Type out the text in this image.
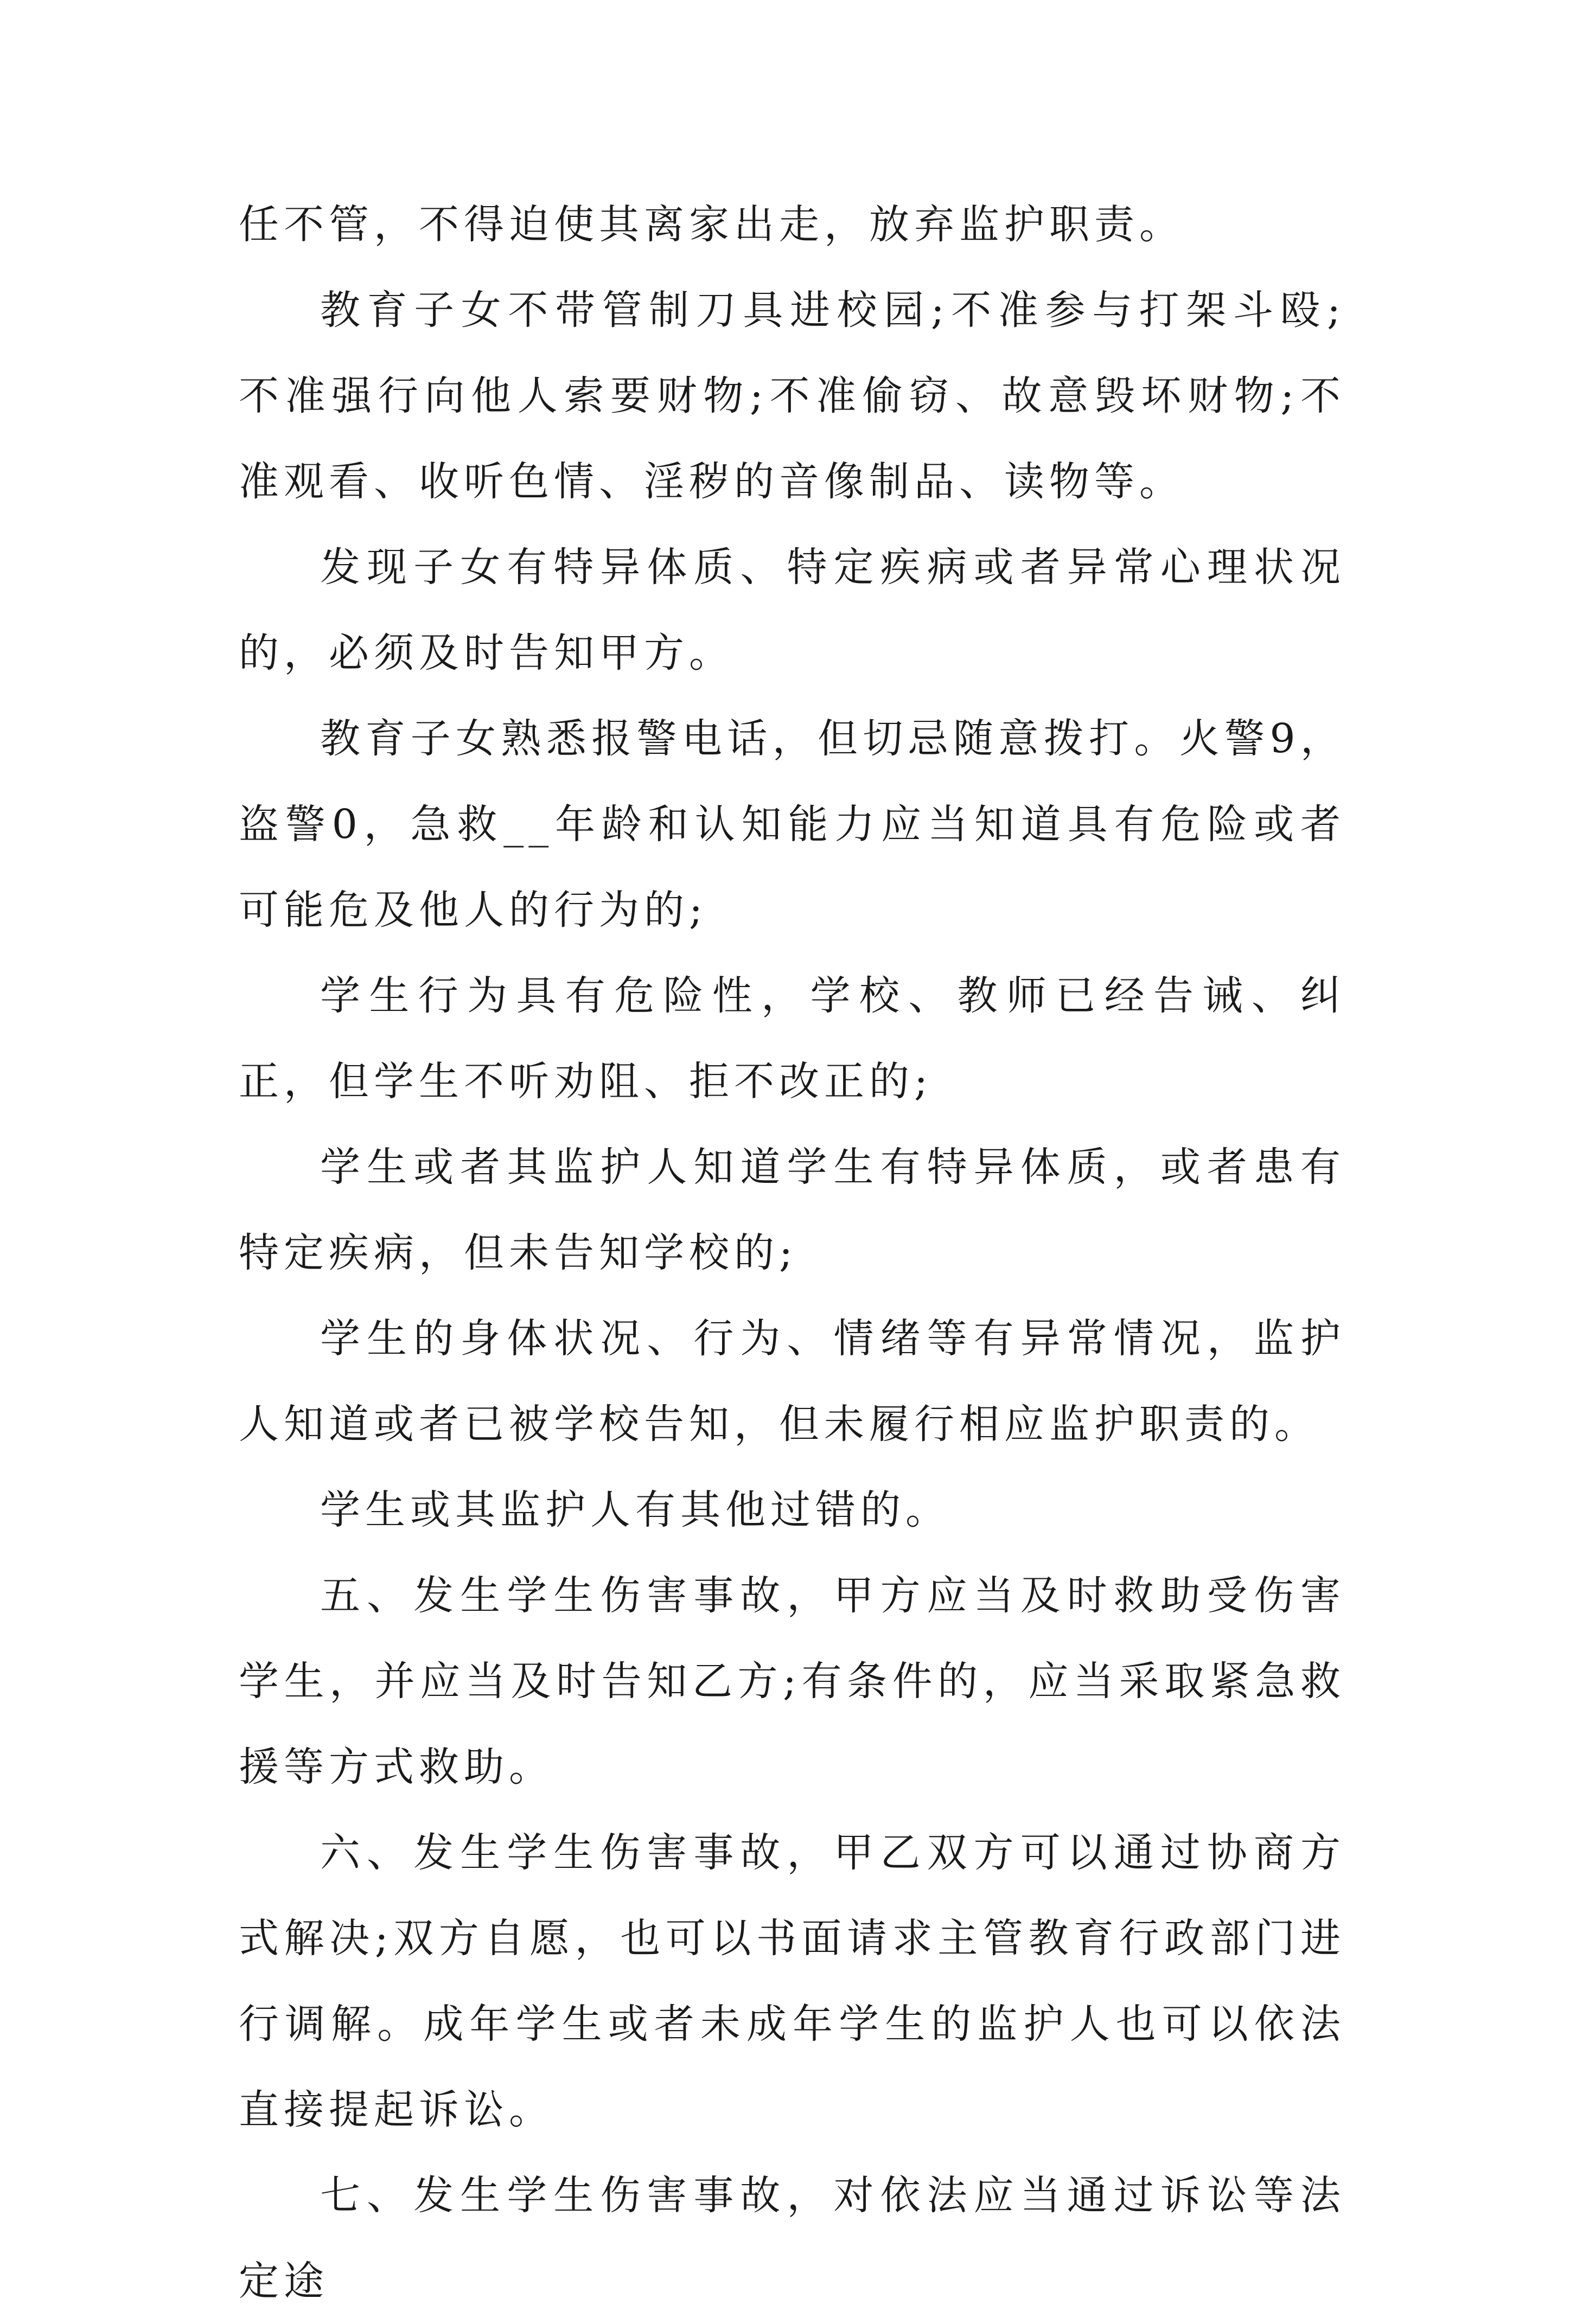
任不管，不得迫使其离家出走，放弃监护职责。

教育子女不带管制刀具进校园;不准参与打架斗殴;不准强行向他人索要财物;不准偷窃、故意毁坏财物;不准观看、收听色情、淫秽的音像制品、读物等。

发现子女有特异体质、特定疾病或者异常心理状况的，必须及时告知甲方。

教育子女熟悉报警电话，但切忌随意拨打。火警9，盗警0，急救__年龄和认知能力应当知道具有危险或者可能危及他人的行为的;

学生行为具有危险性，学校、教师已经告诫、纠正，但学生不听劝阻、拒不改正的;

学生或者其监护人知道学生有特异体质，或者患有特定疾病，但未告知学校的;

学生的身体状况、行为、情绪等有异常情况，监护人知道或者已被学校告知，但未履行相应监护职责的。

学生或其监护人有其他过错的。

五、发生学生伤害事故，甲方应当及时救助受伤害学生，并应当及时告知乙方;有条件的，应当采取紧急救援等方式救助。

六、发生学生伤害事故，甲乙双方可以通过协商方式解决;双方自愿，也可以书面请求主管教育行政部门进行调解。成年学生或者未成年学生的监护人也可以依法直接提起诉讼。

七、发生学生伤害事故，对依法应当通过诉讼等法定途
